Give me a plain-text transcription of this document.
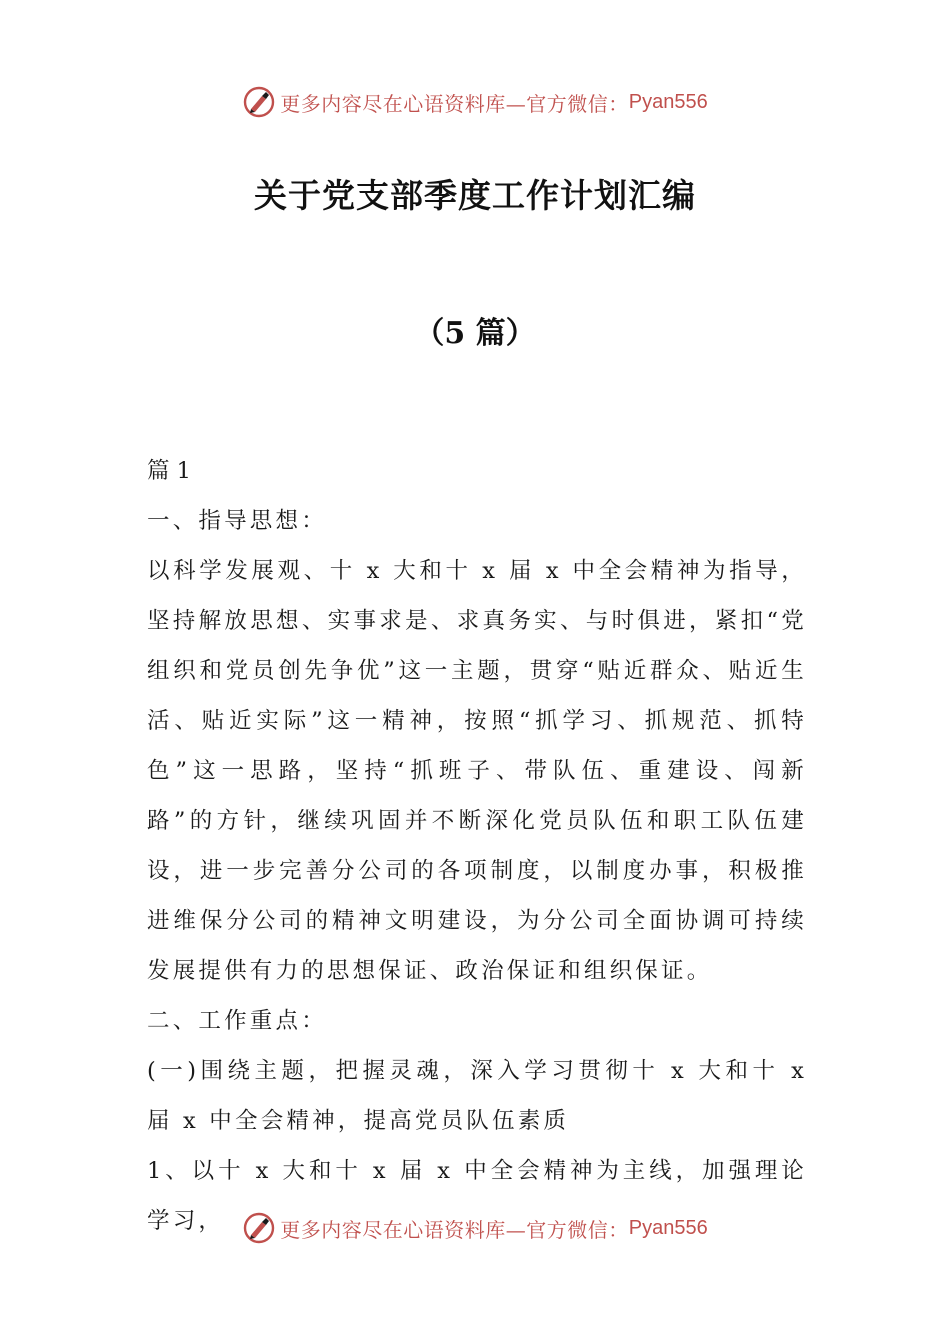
更多内容尽在心语资料库—官方微信： Pyan556
关于党支部季度工作计划汇编
（5 篇）

篇 1

一、指导思想：

以科学发展观、十 x 大和十 x 届 x 中全会精神为指导，坚持解放思想、实事求是、求真务实、与时俱进，紧扣“党组织和党员创先争优”这一主题，贯穿“贴近群众、贴近生活、贴近实际”这一精神，按照“抓学习、抓规范、抓特色”这一思路，坚持“抓班子、带队伍、重建设、闯新路”的方针，继续巩固并不断深化党员队伍和职工队伍建设，进一步完善分公司的各项制度，以制度办事，积极推进维保分公司的精神文明建设，为分公司全面协调可持续发展提供有力的思想保证、政治保证和组织保证。

二、工作重点：

(一)围绕主题，把握灵魂，深入学习贯彻十 x 大和十 x 届 x 中全会精神，提高党员队伍素质

1、以十 x 大和十 x 届 x 中全会精神为主线，加强理论学习，	更多内容尽在心语资料库—官方微信： Pyan556
